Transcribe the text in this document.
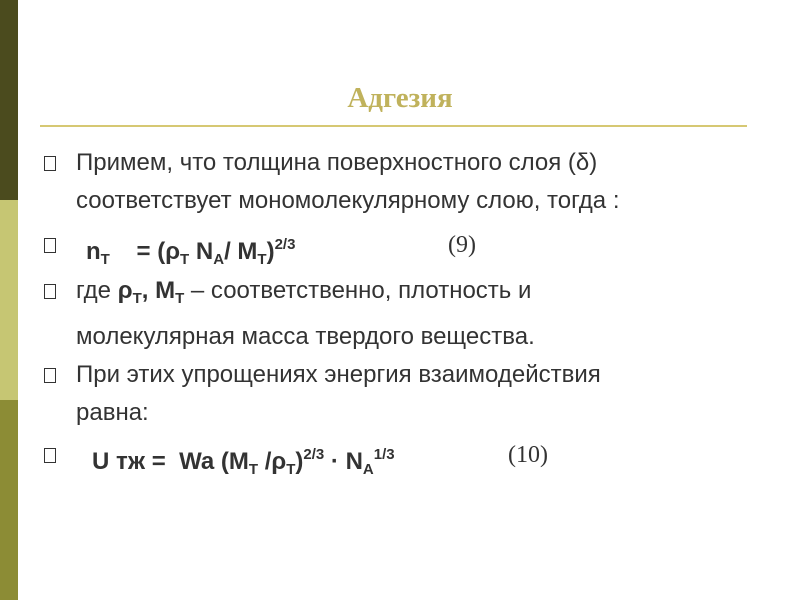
Адгезия
Примем, что толщина поверхностного слоя (δ)
соответствует мономолекулярному слою, тогда :
$n_T = (\rho_T$ $N_A/$ $M_T)^{2/3}$	(9)
где $\rho_T$, $M_T$ – соответственно, плотность и
молекулярная масса твердого вещества.
При этих упрощениях энергия взаимодействия
равна:
U тж =  Wa ($M_T$ $/\rho_T)^{2/3} \cdot N_A^{1/3}$	(10)
